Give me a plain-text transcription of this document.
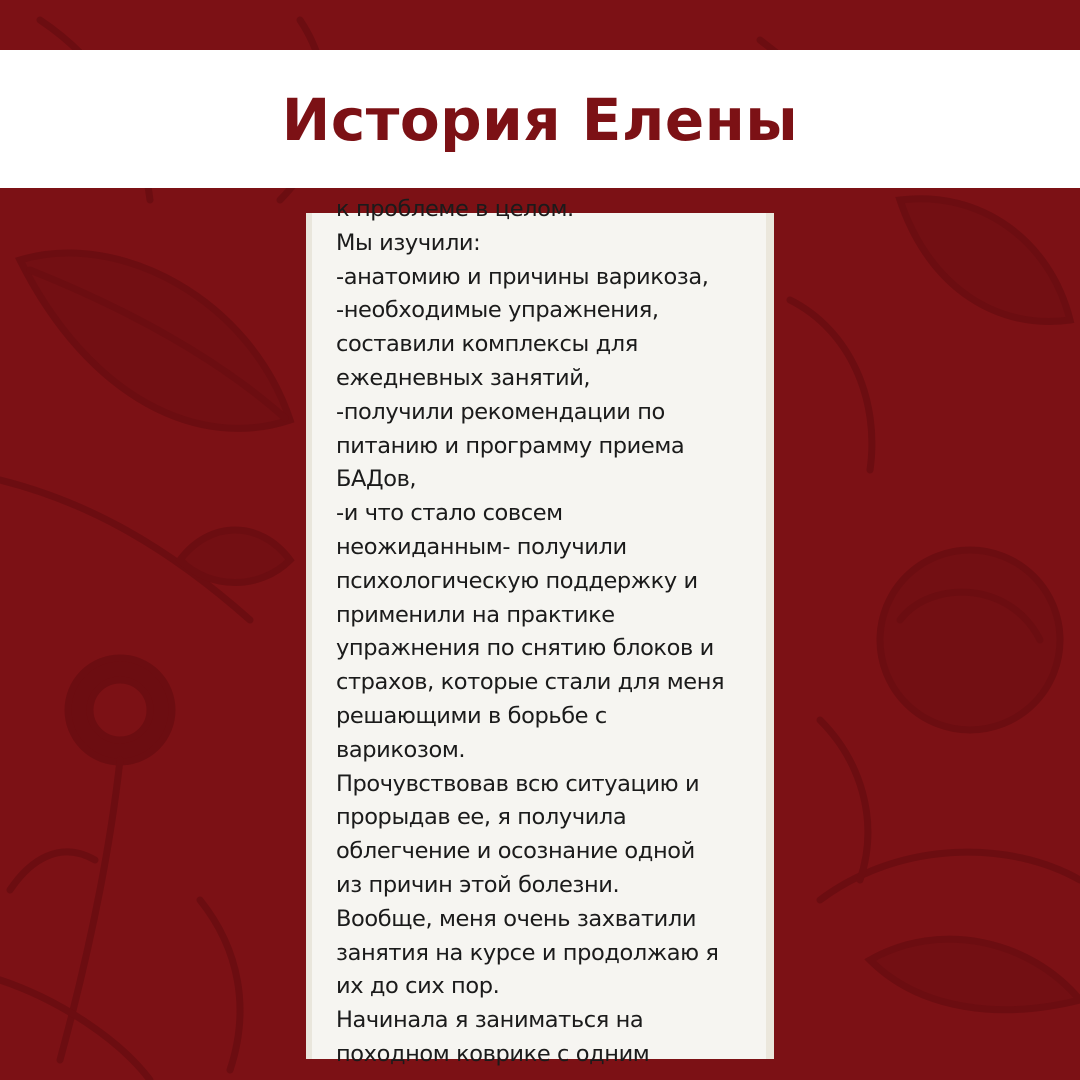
История Елены
к проблеме в целом.
Мы изучили:
-анатомию и причины варикоза,
-необходимые упражнения,
составили комплексы для
ежедневных занятий,
-получили рекомендации по
питанию и программу приема
БАДов,
-и что стало совсем
неожиданным- получили
психологическую поддержку и
применили на практике
упражнения по снятию блоков и
страхов, которые стали для меня
решающими в борьбе с
варикозом.
Прочувствовав всю ситуацию и
прорыдав ее, я получила
облегчение и осознание одной
из причин этой болезни.
Вообще, меня очень захватили
занятия на курсе и продолжаю я
их до сих пор.
Начинала я заниматься на
походном коврике с одним
